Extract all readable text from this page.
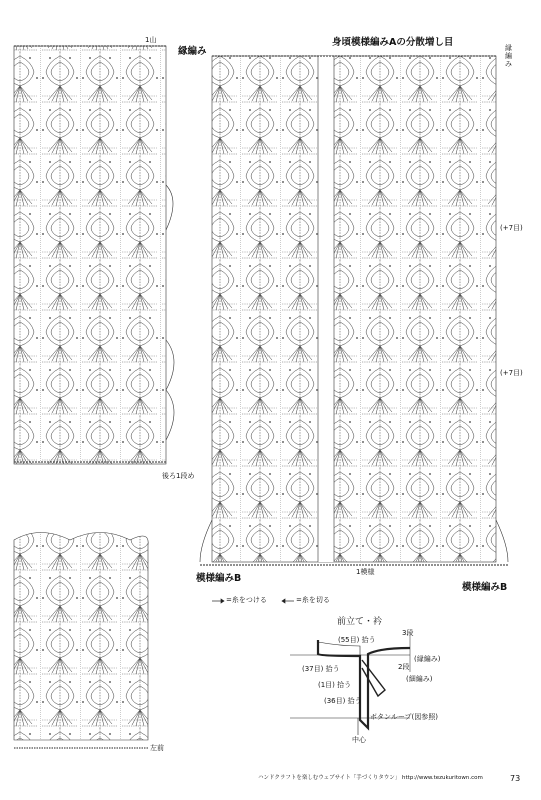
1山
縁編み
後ろ1段め
身頃模様編みAの分散増し目	縁編み
(+7目)
(+7目)
模様編みB
1模様
模様編みB
=糸をつける	=糸を切る
左前
前立て・衿
(55目) 拾う
3段
(縁編み)
2段
(細編み)
(37目) 拾う
(1目) 拾う
(36目) 拾う
ボタンループ(図参照)
中心
ハンドクラフトを楽しむウェブサイト「手づくりタウン」 http://www.tezukuritown.com	73
